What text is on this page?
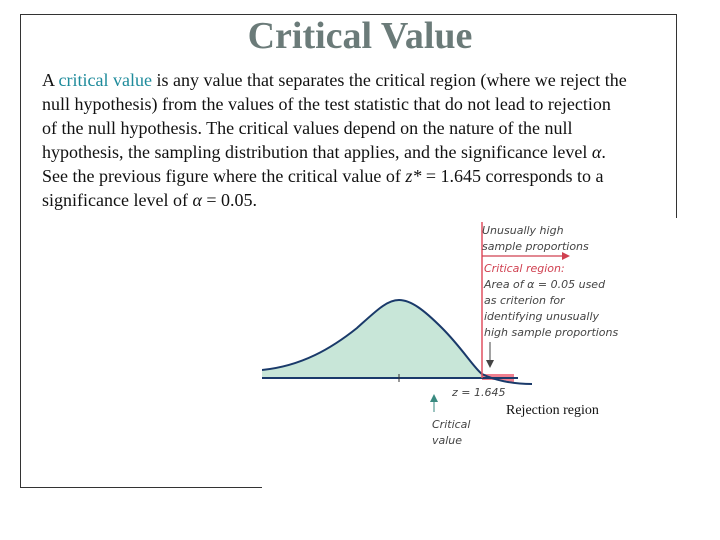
Critical Value
A critical value is any value that separates the critical region (where we reject the
null hypothesis) from the values of the test statistic that do not lead to rejection
of the null hypothesis. The critical values depend on the nature of the null
hypothesis, the sampling distribution that applies, and the significance level α.
See the previous figure where the critical value of z* = 1.645 corresponds to a
significance level of α = 0.05.
Unusually high
sample proportions
Critical region:
Area of α = 0.05 used
as criterion for
identifying unusually
high sample proportions
z = 1.645
Critical
value
Rejection region
